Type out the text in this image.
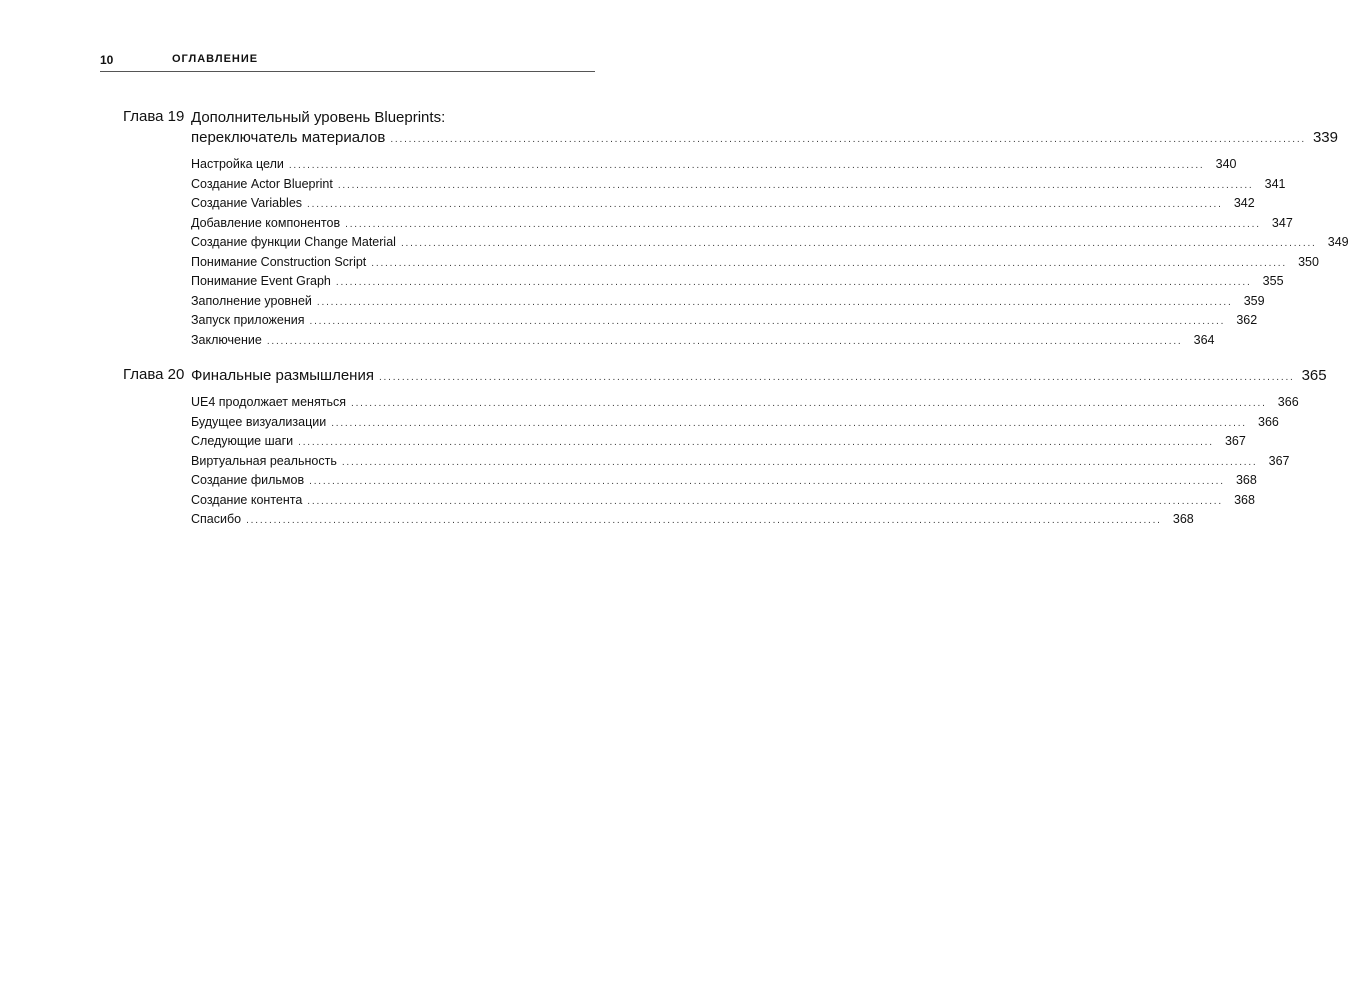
10	ОГЛАВЛЕНИЕ
Глава 19 Дополнительный уровень Blueprints:
переключатель материалов ........................................................................................................................................................................................................ 339
Настройка цели ........................................................................................................................................................................................................ 340
Создание Actor Blueprint ........................................................................................................................................................................................................ 341
Создание Variables ........................................................................................................................................................................................................ 342
Добавление компонентов ........................................................................................................................................................................................................ 347
Создание функции Change Material ........................................................................................................................................................................................................ 349
Понимание Construction Script ........................................................................................................................................................................................................ 350
Понимание Event Graph ........................................................................................................................................................................................................ 355
Заполнение уровней ........................................................................................................................................................................................................ 359
Запуск приложения ........................................................................................................................................................................................................ 362
Заключение ........................................................................................................................................................................................................ 364
Глава 20 Финальные размышления ........................................................................................................................................................................................................ 365
UE4 продолжает меняться ........................................................................................................................................................................................................ 366
Будущее визуализации ........................................................................................................................................................................................................ 366
Следующие шаги ........................................................................................................................................................................................................ 367
Виртуальная реальность ........................................................................................................................................................................................................ 367
Создание фильмов ........................................................................................................................................................................................................ 368
Создание контента ........................................................................................................................................................................................................ 368
Спасибо ........................................................................................................................................................................................................ 368
